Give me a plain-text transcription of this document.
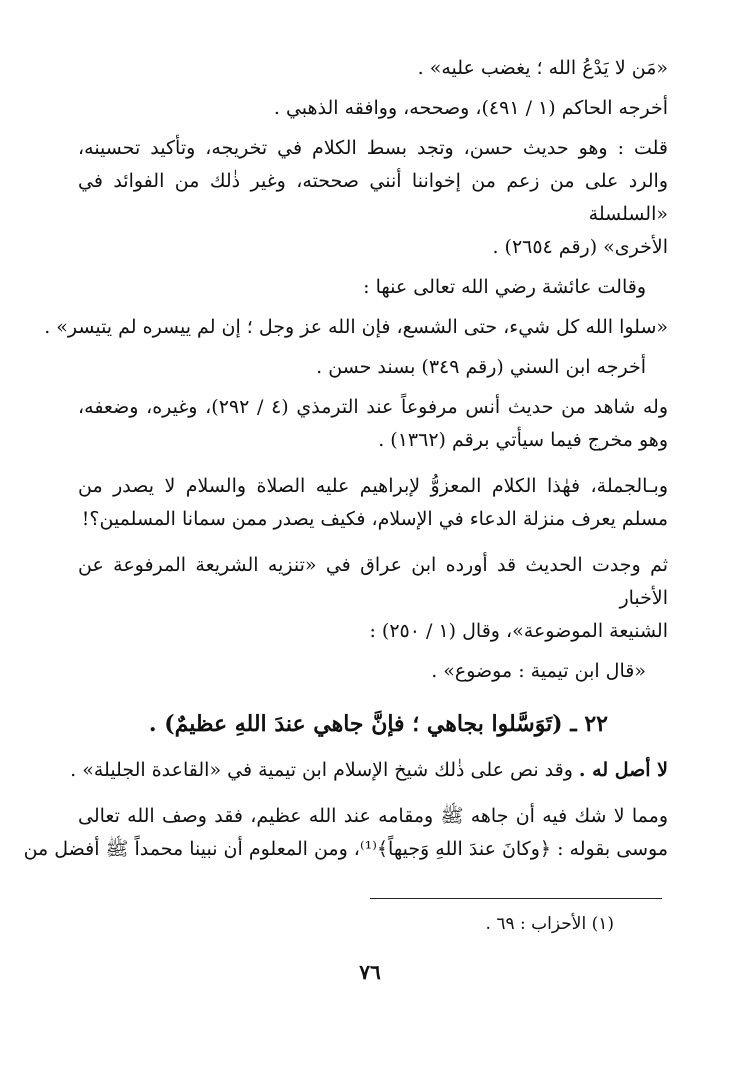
«مَن لا يَدْعُ الله ؛ يغضب عليه» .
أخرجه الحاكم (١ / ٤٩١)، وصححه، ووافقه الذهبي .
قلت : وهو حديث حسن، وتجد بسط الكلام في تخريجه، وتأكيد تحسينه،
والرد على من زعم من إخواننا أنني صححته، وغير ذٰلك من الفوائد في «السلسلة
الأخرى» (رقم ٢٦٥٤) .
وقالت عائشة رضي الله تعالى عنها :
«سلوا الله كل شيء، حتى الشسع، فإن الله عز وجل ؛ إن لم ييسره لم يتيسر» .
أخرجه ابن السني (رقم ٣٤٩) بسند حسن .
وله شاهد من حديث أنس مرفوعاً عند الترمذي (٤ / ٢٩٢)، وغيره، وضعفه،
وهو مخرج فيما سيأتي برقم (١٣٦٢) .
وبـالجملة، فهٰذا الكلام المعزوُّ لإبراهيم عليه الصلاة والسلام لا يصدر من
مسلم يعرف منزلة الدعاء في الإسلام، فكيف يصدر ممن سمانا المسلمين؟!
ثم وجدت الحديث قد أورده ابن عراق في «تنزيه الشريعة المرفوعة عن الأخبار
الشنيعة الموضوعة»، وقال (١ / ٢٥٠) :
«قال ابن تيمية : موضوع» .
٢٢ ـ (تَوَسَّلوا بجاهي ؛ فإنَّ جاهي عندَ اللهِ عظيمٌ) .
لا أصل له . وقد نص على ذٰلك شيخ الإسلام ابن تيمية في «القاعدة الجليلة» .
ومما لا شك فيه أن جاهه ﷺ ومقامه عند الله عظيم، فقد وصف الله تعالى
موسى بقوله : ﴿وكانَ عندَ اللهِ وَجيهاً﴾⁽¹⁾، ومن المعلوم أن نبينا محمداً ﷺ أفضل من
(١) الأحزاب : ٦٩ .
٧٦
